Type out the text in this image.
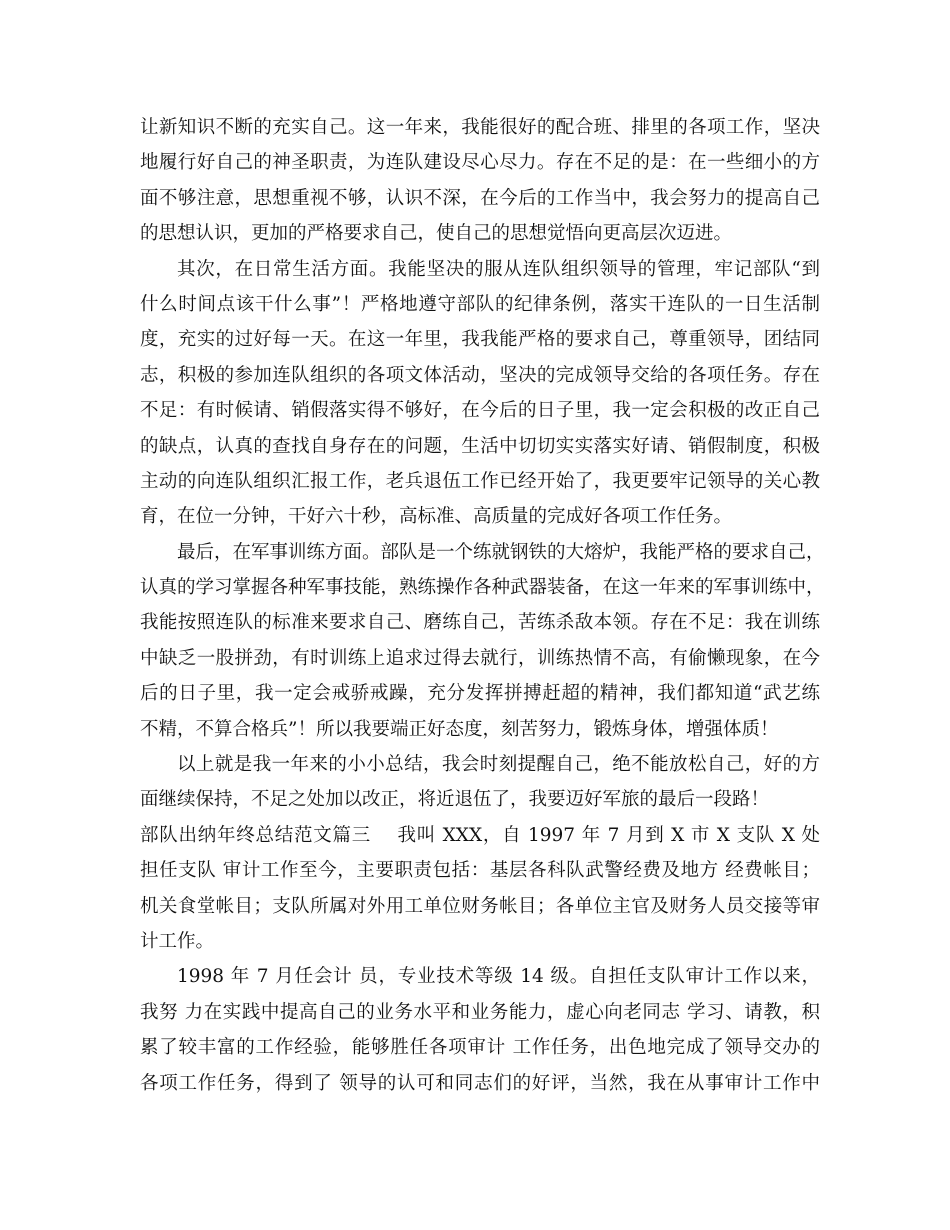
让新知识不断的充实自己。这一年来，我能很好的配合班、排里的各项工作，坚决
地履行好自己的神圣职责，为连队建设尽心尽力。存在不足的是：在一些细小的方
面不够注意，思想重视不够，认识不深，在今后的工作当中，我会努力的提高自己
的思想认识，更加的严格要求自己，使自己的思想觉悟向更高层次迈进。
其次，在日常生活方面。我能坚决的服从连队组织领导的管理，牢记部队“到
什么时间点该干什么事”！严格地遵守部队的纪律条例，落实干连队的一日生活制
度，充实的过好每一天。在这一年里，我我能严格的要求自己，尊重领导，团结同
志，积极的参加连队组织的各项文体活动，坚决的完成领导交给的各项任务。存在
不足：有时候请、销假落实得不够好，在今后的日子里，我一定会积极的改正自己
的缺点，认真的查找自身存在的问题，生活中切切实实落实好请、销假制度，积极
主动的向连队组织汇报工作，老兵退伍工作已经开始了，我更要牢记领导的关心教
育，在位一分钟，干好六十秒，高标准、高质量的完成好各项工作任务。
最后，在军事训练方面。部队是一个练就钢铁的大熔炉，我能严格的要求自己，
认真的学习掌握各种军事技能，熟练操作各种武器装备，在这一年来的军事训练中，
我能按照连队的标准来要求自己、磨练自己，苦练杀敌本领。存在不足：我在训练
中缺乏一股拼劲，有时训练上追求过得去就行，训练热情不高，有偷懒现象，在今
后的日子里，我一定会戒骄戒躁，充分发挥拼搏赶超的精神，我们都知道“武艺练
不精，不算合格兵”！所以我要端正好态度，刻苦努力，锻炼身体，增强体质！
以上就是我一年来的小小总结，我会时刻提醒自己，绝不能放松自己，好的方
面继续保持，不足之处加以改正，将近退伍了，我要迈好军旅的最后一段路！
部队出纳年终总结范文篇三    我叫 XXX，自 1997 年 7 月到 X 市 X 支队 X 处
担任支队 审计工作至今，主要职责包括：基层各科队武警经费及地方 经费帐目；
机关食堂帐目；支队所属对外用工单位财务帐目；各单位主官及财务人员交接等审
计工作。
1998 年 7 月任会计 员，专业技术等级 14 级。自担任支队审计工作以来，
我努 力在实践中提高自己的业务水平和业务能力，虚心向老同志 学习、请教，积
累了较丰富的工作经验，能够胜任各项审计 工作任务，出色地完成了领导交办的
各项工作任务，得到了 领导的认可和同志们的好评，当然，我在从事审计工作中
